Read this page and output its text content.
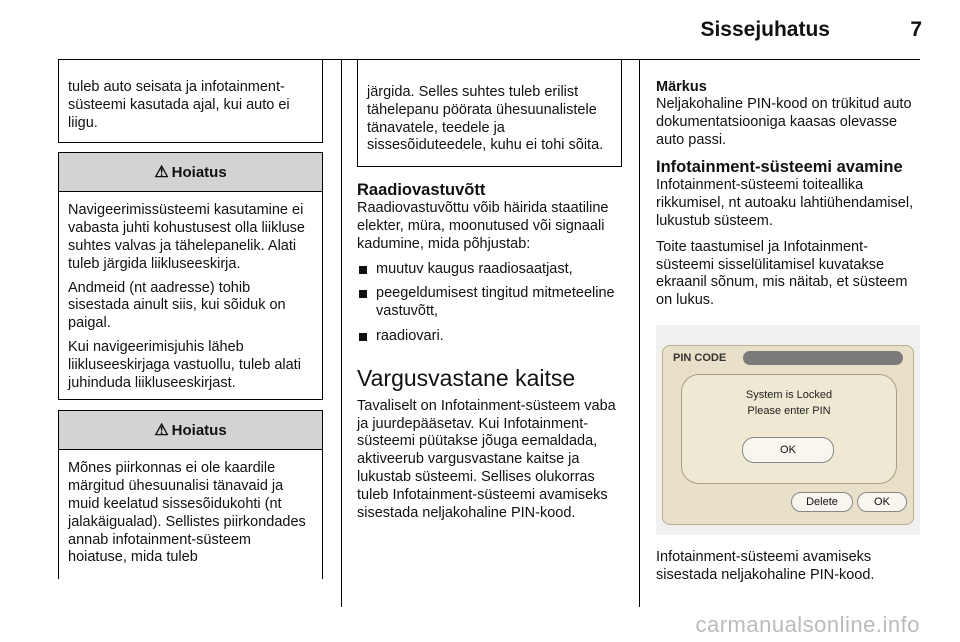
Sissejuhatus	7

tuleb auto seisata ja infotainment-süsteemi kasutada ajal, kui auto ei liigu.

⚠ Hoiatus

Navigeerimissüsteemi kasutamine ei vabasta juhti kohustusest olla liikluse suhtes valvas ja tähelepanelik. Alati tuleb järgida liikluseeskirja.

Andmeid (nt aadresse) tohib sisestada ainult siis, kui sõiduk on paigal.

Kui navigeerimisjuhis läheb liikluseeskirjaga vastuollu, tuleb alati juhinduda liikluseeskirjast.

⚠ Hoiatus

Mõnes piirkonnas ei ole kaardile märgitud ühesuunalisi tänavaid ja muid keelatud sissesõidukohti (nt jalakäigualad). Sellistes piirkondades annab infotainment-süsteem hoiatuse, mida tuleb

järgida. Selles suhtes tuleb erilist tähelepanu pöörata ühesuunalistele tänavatele, teedele ja sissesõiduteedele, kuhu ei tohi sõita.

Raadiovastuvõtt

Raadiovastuvõttu võib häirida staatiline elekter, müra, moonutused või signaali kadumine, mida põhjustab:

muutuv kaugus raadiosaatjast,
peegeldumisest tingitud mitmeteeline vastuvõtt,
raadiovari.
Vargusvastane kaitse

Tavaliselt on Infotainment-süsteem vaba ja juurdepääsetav. Kui Infotainment-süsteemi püütakse jõuga eemaldada, aktiveerub vargusvastane kaitse ja lukustab süsteemi. Sellises olukorras tuleb Infotainment-süsteemi avamiseks sisestada neljakohaline PIN-kood.

Märkus

Neljakohaline PIN-kood on trükitud auto dokumentatsiooniga kaasas olevasse auto passi.

Infotainment-süsteemi avamine

Infotainment-süsteemi toiteallika rikkumisel, nt autoaku lahtiühendamisel, lukustub süsteem.

Toite taastumisel ja Infotainment-süsteemi sisselülitamisel kuvatakse ekraanil sõnum, mis näitab, et süsteem on lukus.

PIN CODE
System is Locked
Please enter PIN
OK
Delete	OK

Infotainment-süsteemi avamiseks sisestada neljakohaline PIN-kood.

carmanualsonline.info
